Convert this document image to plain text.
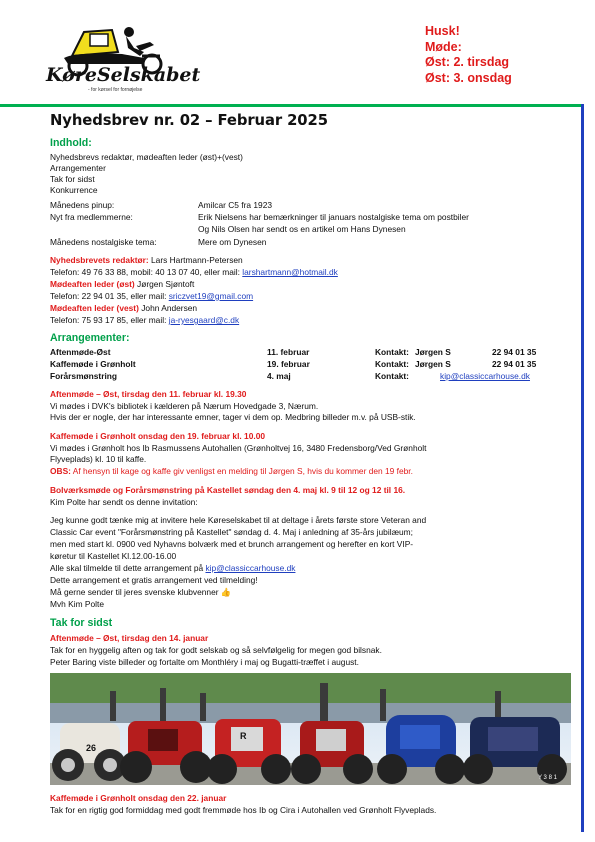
KøreSelskabet
- for kørsel for fornøjelse
Husk!
Møde:
Øst: 2. tirsdag
Øst: 3. onsdag
Nyhedsbrev nr. 02 – Februar 2025
Indhold:
Nyhedsbrevs redaktør, mødeaften leder (øst)+(vest)
Arrangementer
Tak for sidst
Konkurrence
Månedens pinup:	Amilcar C5 fra 1923
Nyt fra medlemmerne:	Erik Nielsens har bemærkninger til januars nostalgiske tema om postbiler
Og Nils Olsen har sendt os en artikel om Hans Dynesen
Månedens nostalgiske tema:	Mere om Dynesen
Nyhedsbrevets redaktør: Lars Hartmann-Petersen
Telefon: 49 76 33 88, mobil: 40 13 07 40, eller mail: larshartmann@hotmail.dk
Mødeaften leder (øst) Jørgen Sjøntoft
Telefon: 22 94 01 35, eller mail: sriczvet19@gmail.com
Mødeaften leder (vest) John Andersen
Telefon: 75 93 17 85, eller mail: ja-ryesgaard@c.dk
Arrangementer:
Aftenmøde-Øst	11. februar	Kontakt: Jørgen S	22 94 01 35
Kaffemøde i Grønholt	19. februar	Kontakt: Jørgen S	22 94 01 35
Forårsmønstring	4. maj	Kontakt:	kip@classiccarhouse.dk
Aftenmøde – Øst, tirsdag den 11. februar kl. 19.30
Vi mødes i DVK's bibliotek i kælderen på Nærum Hovedgade 3, Nærum.
Hvis der er nogle, der har interessante emner, tager vi dem op. Medbring billeder m.v. på USB-stik.
Kaffemøde i Grønholt onsdag den 19. februar kl. 10.00
Vi mødes i Grønholt hos Ib Rasmussens Autohallen (Grønholtvej 16, 3480 Fredensborg/Ved Grønholt
Flyveplads) kl. 10 til kaffe.
OBS: Af hensyn til kage og kaffe giv venligst en melding til Jørgen S, hvis du kommer den 19 febr.
Bolværksmøde og Forårsmønstring på Kastellet søndag den 4. maj kl. 9 til 12 og 12 til 16.
Kim Polte har sendt os denne invitation:
Jeg kunne godt tænke mig at invitere hele Køreselskabet til at deltage i årets første store Veteran and
Classic Car event "Forårsmønstring på Kastellet" søndag d. 4. Maj i anledning af 35-års jubilæum;
men med start kl. 0900 ved Nyhavns bolværk med et brunch arrangement og herefter en kort VIP-
køretur til Kastellet Kl.12.00-16.00
Alle skal tilmelde til dette arrangement på kip@classiccarhouse.dk
Dette arrangement et gratis arrangement ved tilmelding!
Må gerne sender til jeres svenske klubvenner 👍
Mvh Kim Polte
Tak for sidst
Aftenmøde – Øst, tirsdag den 14. januar
Tak for en hyggelig aften og tak for godt selskab og så selvfølgelig for megen god bilsnak.
Peter Baring viste billeder og fortalte om Monthléry i maj og Bugatti-træffet i august.
26
R
Y 3 8 1
Kaffemøde i Grønholt onsdag den 22. januar
Tak for en rigtig god formiddag med godt fremmøde hos Ib og Cira i Autohallen ved Grønholt Flyveplads.
